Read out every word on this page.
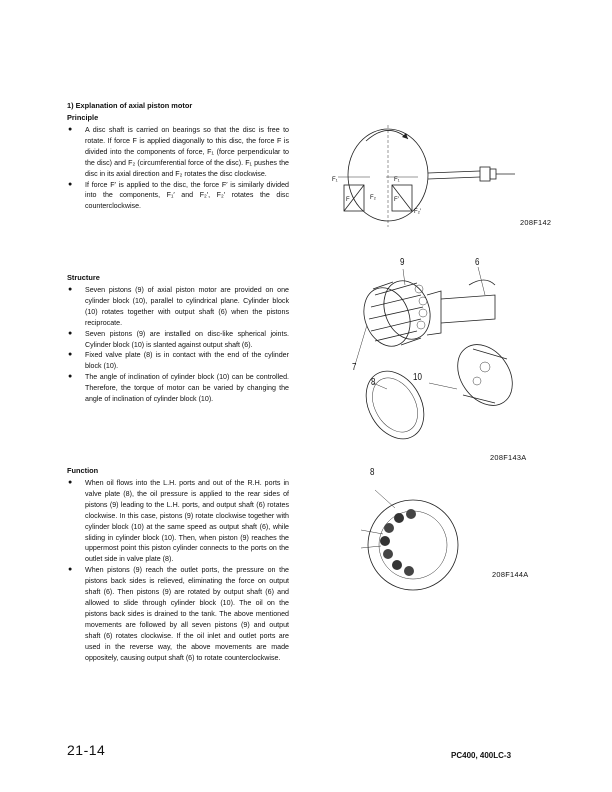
1) Explanation of axial piston motor
Principle
● A disc shaft is carried on bearings so that the disc is free to rotate. If force F is applied diagonally to this disc, the force F is divided into the components of force, F₁ (force perpendicular to the disc) and F₂ (circumferential force of the disc). F₁ pushes the disc in its axial direction and F₂ rotates the disc clockwise.
● If force F′ is applied to the disc, the force F′ is similarly divided into the components, F₁′ and F₂′, F₂′ rotates the disc counterclockwise.
Structure
● Seven pistons (9) of axial piston motor are provided on one cylinder block (10), parallel to cylindrical plane. Cylinder block (10) rotates together with output shaft (6) when the pistons reciprocate.
● Seven pistons (9) are installed on disc-like spherical joints. Cylinder block (10) is slanted against output shaft (6).
● Fixed valve plate (8) is in contact with the end of the cylinder block (10).
● The angle of inclination of cylinder block (10) can be controlled. Therefore, the torque of motor can be varied by changing the angle of inclination of cylinder block (10).
Function
● When oil flows into the L.H. ports and out of the R.H. ports in valve plate (8), the oil pressure is applied to the rear sides of pistons (9) leading to the L.H. ports, and output shaft (6) rotates clockwise. In this case, pistons (9) rotate clockwise together with cylinder block (10) at the same speed as output shaft (6), while sliding in cylinder block (10). Then, when piston (9) reaches the uppermost point this piston cylinder connects to the ports on the outlet side in valve plate (8).
● When pistons (9) reach the outlet ports, the pressure on the pistons back sides is relieved, eliminating the force on output shaft (6). Then pistons (9) are rotated by output shaft (6) and allowed to slide through cylinder block (10). The oil on the pistons back sides is drained to the tank. The above mentioned movements are followed by all seven pistons (9) and output shaft (6) rotates clockwise. If the oil inlet and outlet ports are used in the reverse way, the above movements are made oppositely, causing output shaft (6) to rotate counterclockwise.
F₁	F₁
F	F₂	F′
F₂′
208F142
9	6
7
8	10
208F143A
8
208F144A
21-14	PC400, 400LC-3
